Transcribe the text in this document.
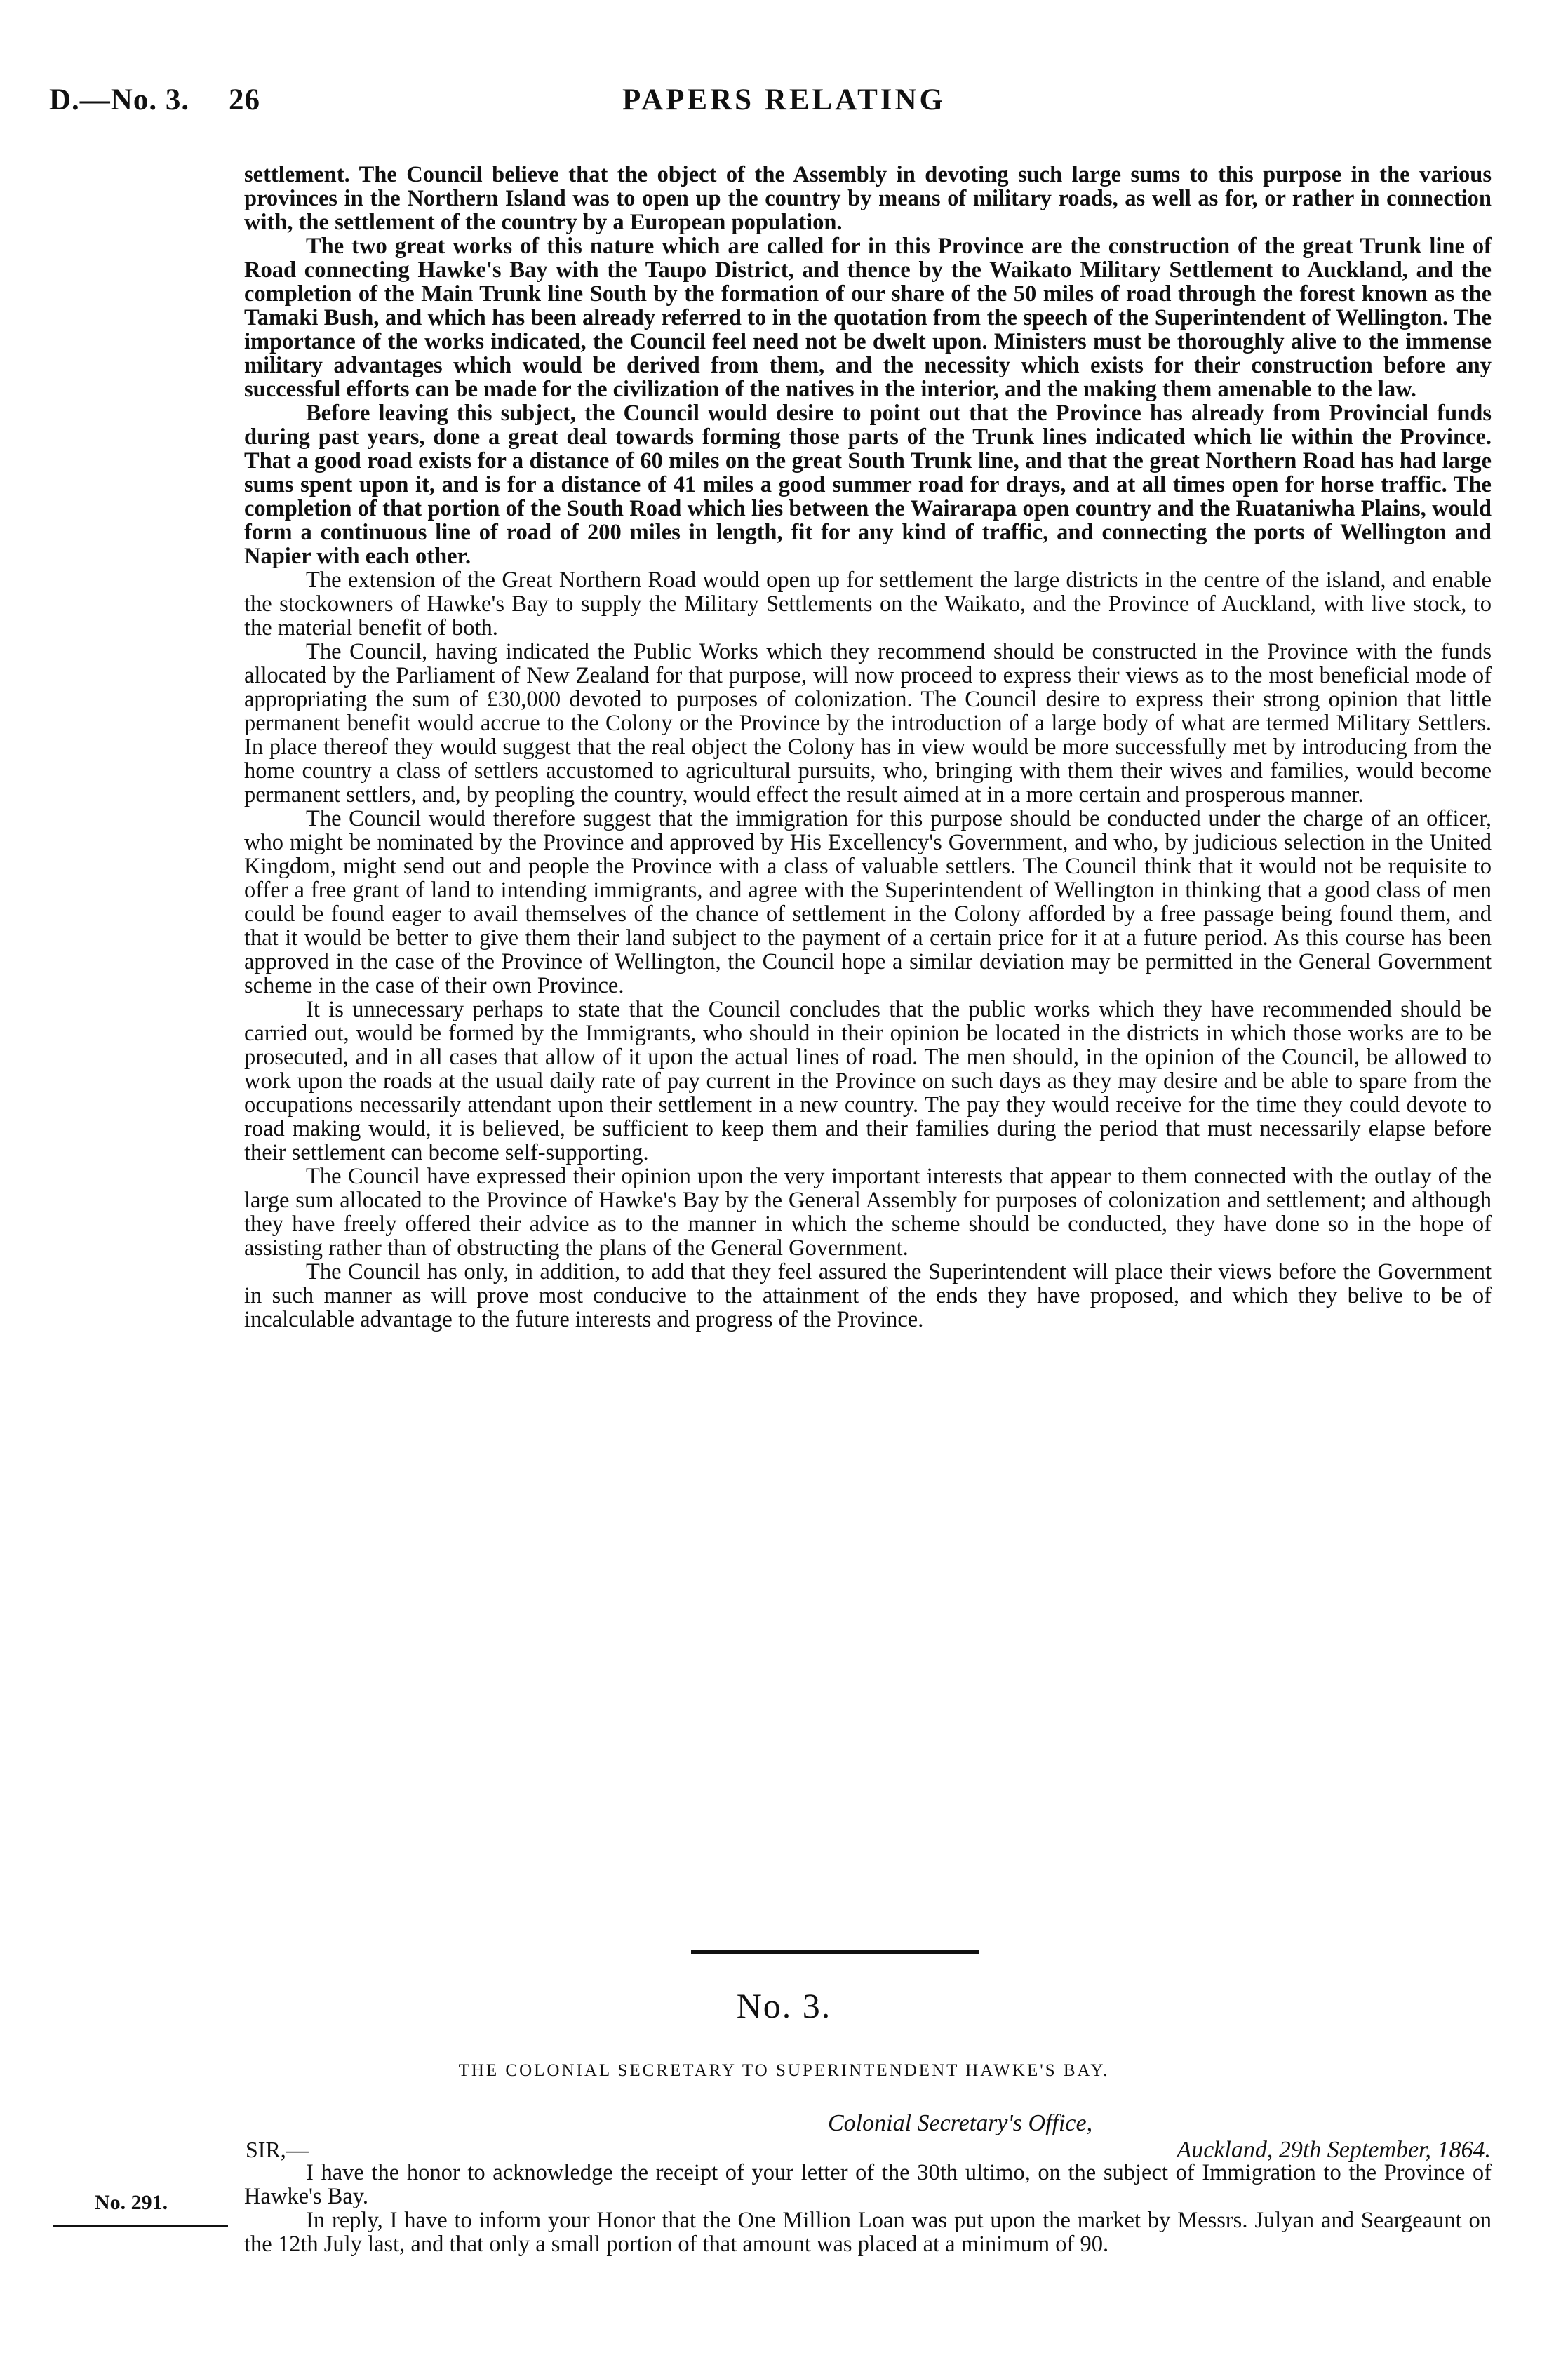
D.—No. 3. 26	PAPERS RELATING

settlement. The Council believe that the object of the Assembly in devoting such large sums to this purpose in the various provinces in the Northern Island was to open up the country by means of military roads, as well as for, or rather in connection with, the settlement of the country by a European population.

The two great works of this nature which are called for in this Province are the construction of the great Trunk line of Road connecting Hawke's Bay with the Taupo District, and thence by the Waikato Military Settlement to Auckland, and the completion of the Main Trunk line South by the formation of our share of the 50 miles of road through the forest known as the Tamaki Bush, and which has been already referred to in the quotation from the speech of the Superintendent of Wellington. The importance of the works indicated, the Council feel need not be dwelt upon. Ministers must be thoroughly alive to the immense military advantages which would be derived from them, and the necessity which exists for their construction before any successful efforts can be made for the civilization of the natives in the interior, and the making them amenable to the law.

Before leaving this subject, the Council would desire to point out that the Province has already from Provincial funds during past years, done a great deal towards forming those parts of the Trunk lines indicated which lie within the Province. That a good road exists for a distance of 60 miles on the great South Trunk line, and that the great Northern Road has had large sums spent upon it, and is for a distance of 41 miles a good summer road for drays, and at all times open for horse traffic. The completion of that portion of the South Road which lies between the Wairarapa open country and the Ruataniwha Plains, would form a continuous line of road of 200 miles in length, fit for any kind of traffic, and connecting the ports of Wellington and Napier with each other.

The extension of the Great Northern Road would open up for settlement the large districts in the centre of the island, and enable the stockowners of Hawke's Bay to supply the Military Settlements on the Waikato, and the Province of Auckland, with live stock, to the material benefit of both.

The Council, having indicated the Public Works which they recommend should be constructed in the Province with the funds allocated by the Parliament of New Zealand for that purpose, will now proceed to express their views as to the most beneficial mode of appropriating the sum of £30,000 devoted to purposes of colonization. The Council desire to express their strong opinion that little permanent benefit would accrue to the Colony or the Province by the introduction of a large body of what are termed Military Settlers. In place thereof they would suggest that the real object the Colony has in view would be more successfully met by introducing from the home country a class of settlers accustomed to agricultural pursuits, who, bringing with them their wives and families, would become permanent settlers, and, by peopling the country, would effect the result aimed at in a more certain and prosperous manner.

The Council would therefore suggest that the immigration for this purpose should be conducted under the charge of an officer, who might be nominated by the Province and approved by His Excellency's Government, and who, by judicious selection in the United Kingdom, might send out and people the Province with a class of valuable settlers. The Council think that it would not be requisite to offer a free grant of land to intending immigrants, and agree with the Superintendent of Wellington in thinking that a good class of men could be found eager to avail themselves of the chance of settlement in the Colony afforded by a free passage being found them, and that it would be better to give them their land subject to the payment of a certain price for it at a future period. As this course has been approved in the case of the Province of Wellington, the Council hope a similar deviation may be permitted in the General Government scheme in the case of their own Province.

It is unnecessary perhaps to state that the Council concludes that the public works which they have recommended should be carried out, would be formed by the Immigrants, who should in their opinion be located in the districts in which those works are to be prosecuted, and in all cases that allow of it upon the actual lines of road. The men should, in the opinion of the Council, be allowed to work upon the roads at the usual daily rate of pay current in the Province on such days as they may desire and be able to spare from the occupations necessarily attendant upon their settlement in a new country. The pay they would receive for the time they could devote to road making would, it is believed, be sufficient to keep them and their families during the period that must necessarily elapse before their settlement can become self-supporting.

The Council have expressed their opinion upon the very important interests that appear to them connected with the outlay of the large sum allocated to the Province of Hawke's Bay by the General Assembly for purposes of colonization and settlement; and although they have freely offered their advice as to the manner in which the scheme should be conducted, they have done so in the hope of assisting rather than of obstructing the plans of the General Government.

The Council has only, in addition, to add that they feel assured the Superintendent will place their views before the Government in such manner as will prove most conducive to the attainment of the ends they have proposed, and which they belive to be of incalculable advantage to the future interests and progress of the Province.

No. 3.
THE COLONIAL SECRETARY TO SUPERINTENDENT HAWKE'S BAY.
Colonial Secretary's Office,
SIR,—	Auckland, 29th September, 1864.
No. 291.

I have the honor to acknowledge the receipt of your letter of the 30th ultimo, on the subject of Immigration to the Province of Hawke's Bay.

In reply, I have to inform your Honor that the One Million Loan was put upon the market by Messrs. Julyan and Seargeaunt on the 12th July last, and that only a small portion of that amount was placed at a minimum of 90.
